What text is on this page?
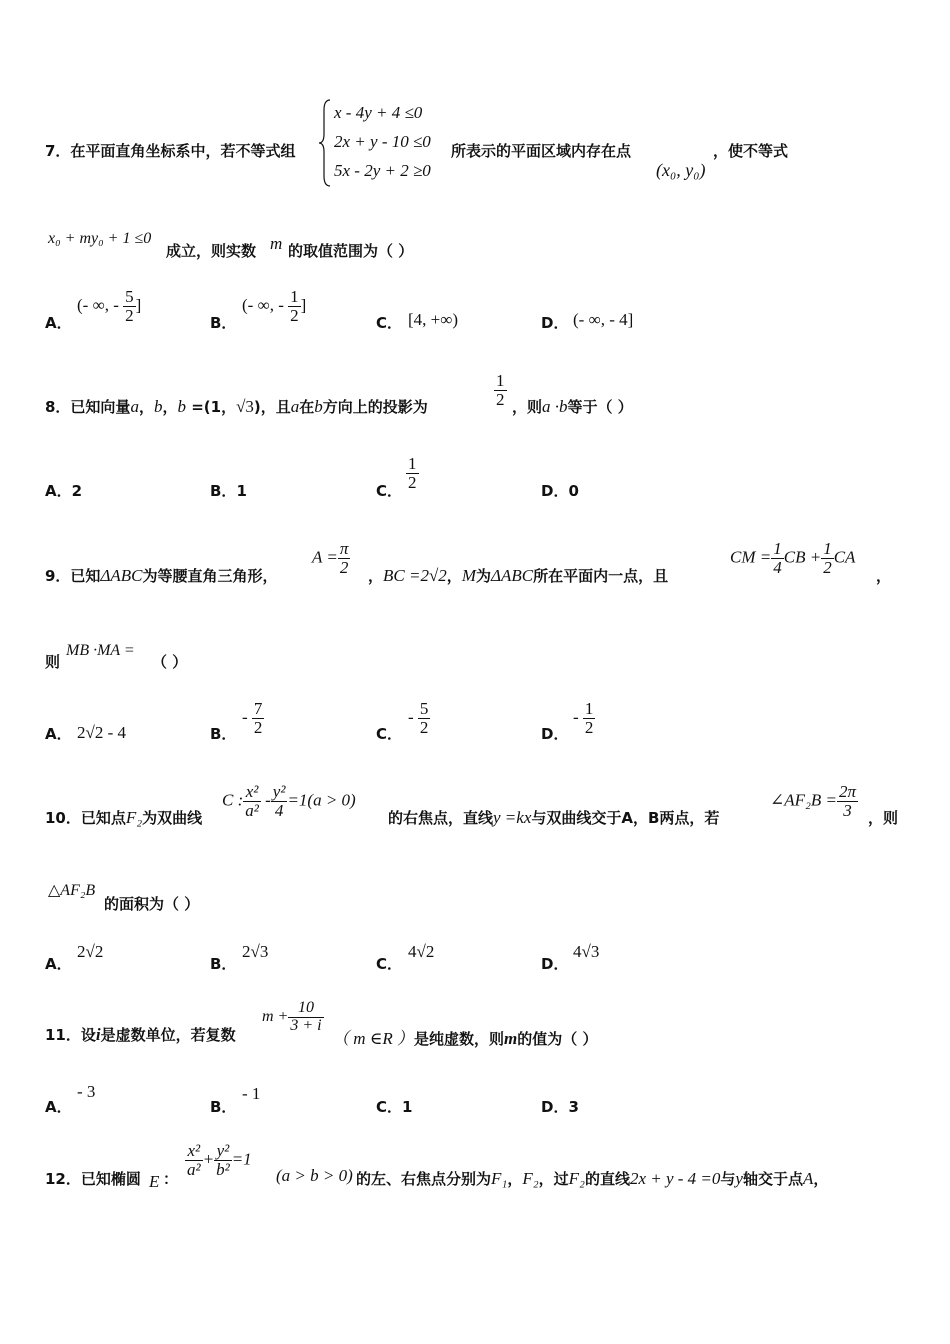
7．在平面直角坐标系中，若不等式组
x - 4y + 4 ≤0
2x + y - 10 ≤0
5x - 2y + 2 ≥0
所表示的平面区域内存在点
(x₀, y₀)
，使不等式
x₀ + my₀ + 1 ≤0
成立，则实数 m 的取值范围为（ ）
A．
(- ∞, - $\frac{5}{2}$ ]
B．
(- ∞, - $\frac{1}{2}$ ]
C． [4, +∞)	D． (- ∞, - 4]
8．已知向量a，b，b =(1，√3)，且a在b方向上的投影为	$\frac{1}{2}$ ，则a ·b等于（ ）
A．2	B．1	C． $\frac{1}{2}$	D．0
9．已知ΔABC为等腰直角三角形，
$A = \frac{\pi}{2}$ ，BC =2√2，M为ΔABC所在平面内一点，且
CM = $\frac{1}{4}$ CB + $\frac{1}{2}$ CA
，
则
MB ·MA =
（ ）
A． 2√2 - 4	B．
- $\frac{7}{2}$	C．
- $\frac{5}{2}$	D．
- $\frac{1}{2}$
10．已知点F₂为双曲线
C : $\frac{\text{x²}}{\text{a²}} - \frac{\text{y²}}{4} =1(a > 0)$
的右焦点，直线y =kx与双曲线交于A，B两点，若
∠AF₂B = $\frac{2\pi}{3}$ ，则
△AF₂B
的面积为（ ）
A．
2√2
B．
2√3
C．
4√2
D．
4√3
11．设i是虚数单位，若复数
$m + \frac{10}{3 + i}$
（ m ∈R ）是纯虚数，则m的值为（ ）
A．
- 3
B．
- 1
C．1	D．3
12．已知椭圆 E ：
$\frac{\text{x²}}{\text{a²}} + \frac{\text{y²}}{\text{b²}} =1$
(a > b > 0) 的左、右焦点分别为F₁，F₂，过F₂的直线2x + y - 4 =0与y轴交于点A，
